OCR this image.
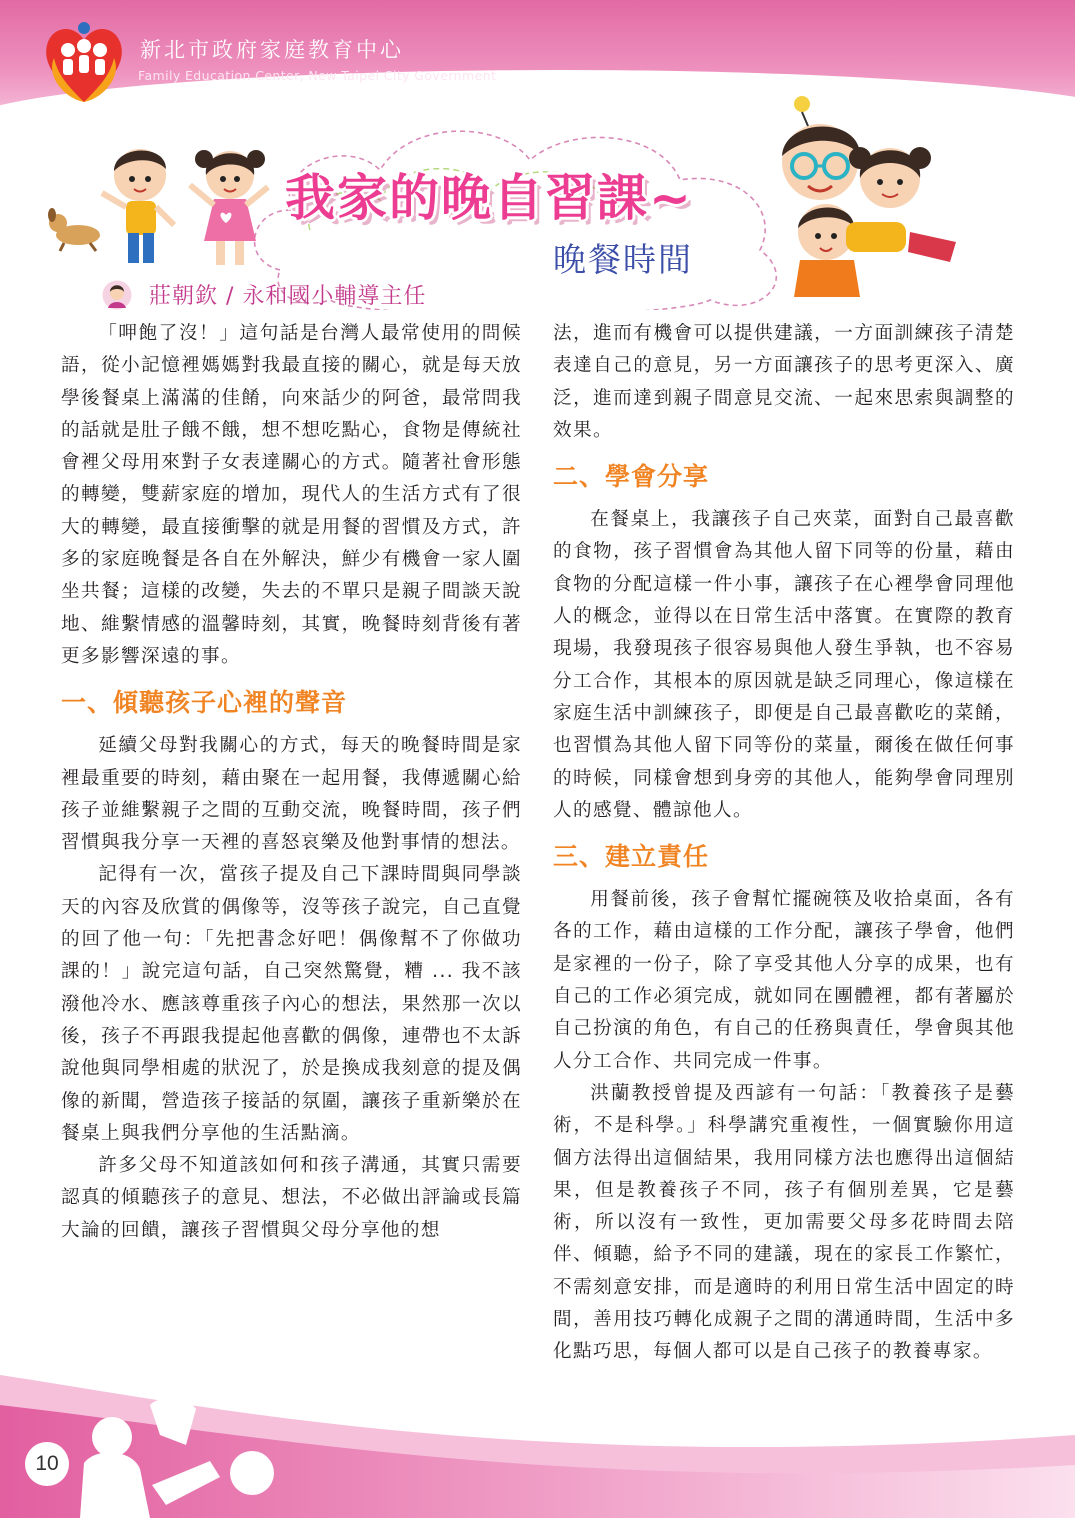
新北市政府家庭教育中心
Family Education Center, New Taipei City Government
我家的晚自習課~
晚餐時間
莊朝欽 / 永和國小輔導主任

「呷飽了沒！」這句話是台灣人最常使用的問候語，從小記憶裡媽媽對我最直接的關心，就是每天放學後餐桌上滿滿的佳餚，向來話少的阿爸，最常問我的話就是肚子餓不餓，想不想吃點心，食物是傳統社會裡父母用來對子女表達關心的方式。隨著社會形態的轉變，雙薪家庭的增加，現代人的生活方式有了很大的轉變，最直接衝擊的就是用餐的習慣及方式，許多的家庭晚餐是各自在外解決，鮮少有機會一家人圍坐共餐；這樣的改變，失去的不單只是親子間談天說地、維繫情感的溫馨時刻，其實，晚餐時刻背後有著更多影響深遠的事。

一、傾聽孩子心裡的聲音

延續父母對我關心的方式，每天的晚餐時間是家裡最重要的時刻，藉由聚在一起用餐，我傳遞關心給孩子並維繫親子之間的互動交流，晚餐時間，孩子們習慣與我分享一天裡的喜怒哀樂及他對事情的想法。

記得有一次，當孩子提及自己下課時間與同學談天的內容及欣賞的偶像等，沒等孩子說完，自己直覺的回了他一句：「先把書念好吧！偶像幫不了你做功課的！」說完這句話，自己突然驚覺，糟 ... 我不該潑他冷水、應該尊重孩子內心的想法，果然那一次以後，孩子不再跟我提起他喜歡的偶像，連帶也不太訴說他與同學相處的狀況了，於是換成我刻意的提及偶像的新聞，營造孩子接話的氛圍，讓孩子重新樂於在餐桌上與我們分享他的生活點滴。

許多父母不知道該如何和孩子溝通，其實只需要認真的傾聽孩子的意見、想法，不必做出評論或長篇大論的回饋，讓孩子習慣與父母分享他的想

法，進而有機會可以提供建議，一方面訓練孩子清楚表達自己的意見，另一方面讓孩子的思考更深入、廣泛，進而達到親子間意見交流、一起來思索與調整的效果。

二、學會分享

在餐桌上，我讓孩子自己夾菜，面對自己最喜歡的食物，孩子習慣會為其他人留下同等的份量，藉由食物的分配這樣一件小事，讓孩子在心裡學會同理他人的概念，並得以在日常生活中落實。在實際的教育現場，我發現孩子很容易與他人發生爭執，也不容易分工合作，其根本的原因就是缺乏同理心，像這樣在家庭生活中訓練孩子，即便是自己最喜歡吃的菜餚，也習慣為其他人留下同等份的菜量，爾後在做任何事的時候，同樣會想到身旁的其他人，能夠學會同理別人的感覺、體諒他人。

三、建立責任

用餐前後，孩子會幫忙擺碗筷及收拾桌面，各有各的工作，藉由這樣的工作分配，讓孩子學會，他們是家裡的一份子，除了享受其他人分享的成果，也有自己的工作必須完成，就如同在團體裡，都有著屬於自己扮演的角色，有自己的任務與責任，學會與其他人分工合作、共同完成一件事。

洪蘭教授曾提及西諺有一句話：「教養孩子是藝術，不是科學。」科學講究重複性，一個實驗你用這個方法得出這個結果，我用同樣方法也應得出這個結果，但是教養孩子不同，孩子有個別差異，它是藝術，所以沒有一致性，更加需要父母多花時間去陪伴、傾聽，給予不同的建議，現在的家長工作繁忙，不需刻意安排，而是適時的利用日常生活中固定的時間，善用技巧轉化成親子之間的溝通時間，生活中多化點巧思，每個人都可以是自己孩子的教養專家。

10
